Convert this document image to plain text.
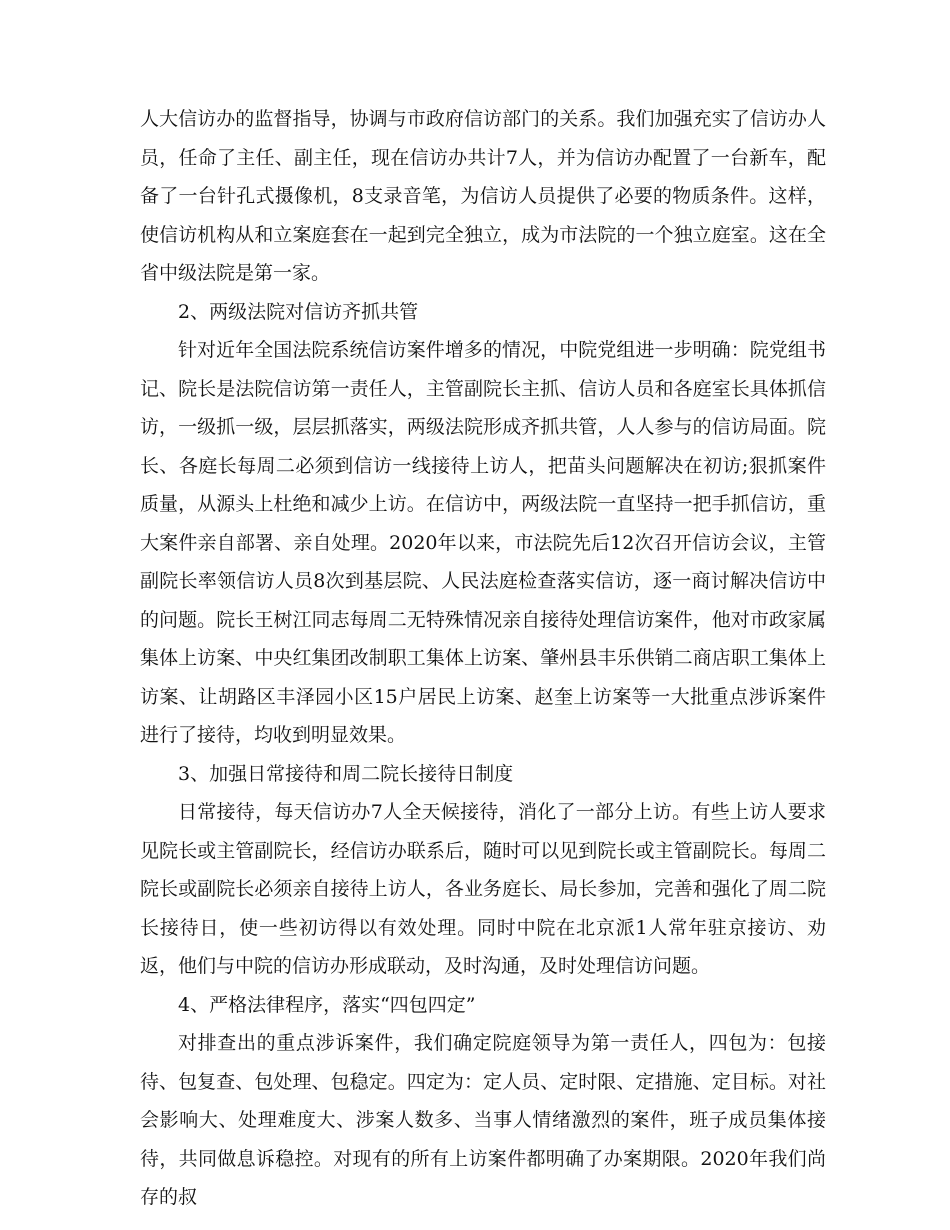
人大信访办的监督指导，协调与市政府信访部门的关系。我们加强充实了信访办人员，任命了主任、副主任，现在信访办共计7人，并为信访办配置了一台新车，配备了一台针孔式摄像机，8支录音笔，为信访人员提供了必要的物质条件。这样，使信访机构从和立案庭套在一起到完全独立，成为市法院的一个独立庭室。这在全省中级法院是第一家。

2、两级法院对信访齐抓共管

针对近年全国法院系统信访案件增多的情况，中院党组进一步明确：院党组书记、院长是法院信访第一责任人，主管副院长主抓、信访人员和各庭室长具体抓信访，一级抓一级，层层抓落实，两级法院形成齐抓共管，人人参与的信访局面。院长、各庭长每周二必须到信访一线接待上访人，把苗头问题解决在初访;狠抓案件质量，从源头上杜绝和减少上访。在信访中，两级法院一直坚持一把手抓信访，重大案件亲自部署、亲自处理。2020年以来，市法院先后12次召开信访会议，主管副院长率领信访人员8次到基层院、人民法庭检查落实信访，逐一商讨解决信访中的问题。院长王树江同志每周二无特殊情况亲自接待处理信访案件，他对市政家属集体上访案、中央红集团改制职工集体上访案、肇州县丰乐供销二商店职工集体上访案、让胡路区丰泽园小区15户居民上访案、赵奎上访案等一大批重点涉诉案件进行了接待，均收到明显效果。

3、加强日常接待和周二院长接待日制度

日常接待，每天信访办7人全天候接待，消化了一部分上访。有些上访人要求见院长或主管副院长，经信访办联系后，随时可以见到院长或主管副院长。每周二院长或副院长必须亲自接待上访人，各业务庭长、局长参加，完善和强化了周二院长接待日，使一些初访得以有效处理。同时中院在北京派1人常年驻京接访、劝返，他们与中院的信访办形成联动，及时沟通，及时处理信访问题。

4、严格法律程序，落实“四包四定”

对排查出的重点涉诉案件，我们确定院庭领导为第一责任人，四包为：包接待、包复查、包处理、包稳定。四定为：定人员、定时限、定措施、定目标。对社会影响大、处理难度大、涉案人数多、当事人情绪激烈的案件，班子成员集体接待，共同做息诉稳控。对现有的所有上访案件都明确了办案期限。2020年我们尚存的叔
